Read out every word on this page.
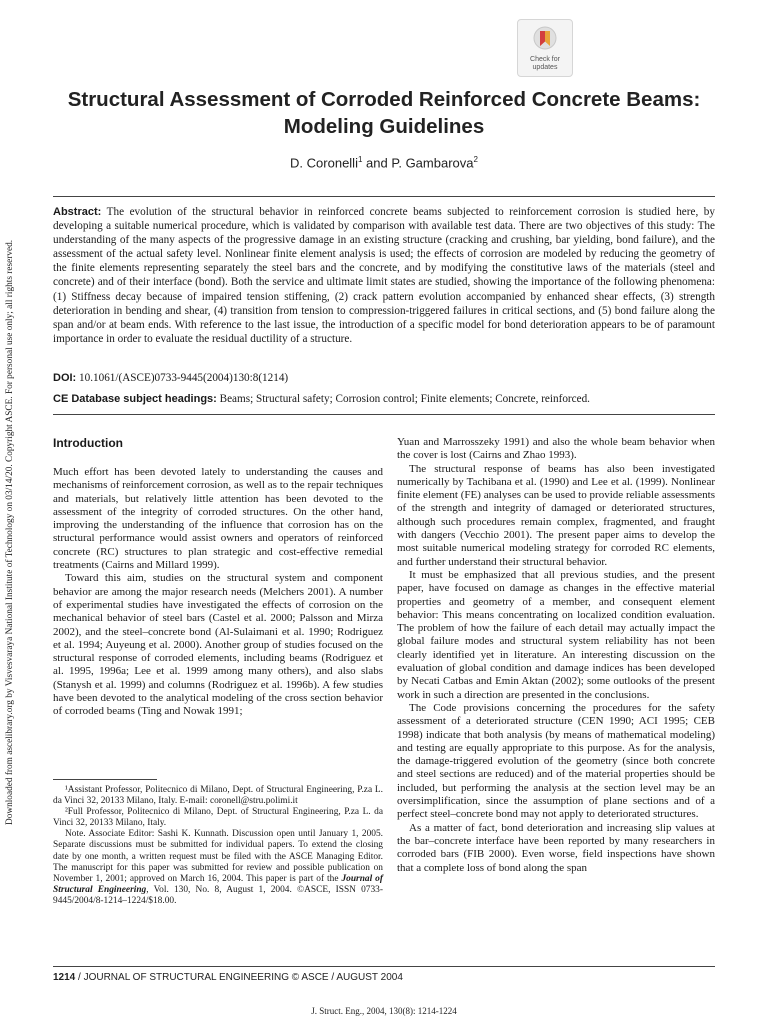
Downloaded from ascelibrary.org by Visvesvaraya National Institute of Technology on 03/14/20. Copyright ASCE. For personal use only; all rights reserved.
Check for
updates
Structural Assessment of Corroded Reinforced Concrete Beams: Modeling Guidelines
D. Coronelli$^1$ and P. Gambarova$^2$

Abstract: The evolution of the structural behavior in reinforced concrete beams subjected to reinforcement corrosion is studied here, by developing a suitable numerical procedure, which is validated by comparison with available test data. There are two objectives of this study: The understanding of the many aspects of the progressive damage in an existing structure (cracking and crushing, bar yielding, bond failure), and the assessment of the actual safety level. Nonlinear finite element analysis is used; the effects of corrosion are modeled by reducing the geometry of the finite elements representing separately the steel bars and the concrete, and by modifying the constitutive laws of the materials (steel and concrete) and of their interface (bond). Both the service and ultimate limit states are studied, showing the importance of the following phenomena: (1) Stiffness decay because of impaired tension stiffening, (2) crack pattern evolution accompanied by enhanced shear effects, (3) strength deterioration in bending and shear, (4) transition from tension to compression-triggered failures in critical sections, and (5) bond failure along the span and/or at beam ends. With reference to the last issue, the introduction of a specific model for bond deterioration appears to be of paramount importance in order to evaluate the residual ductility of a structure.

DOI: 10.1061/(ASCE)0733-9445(2004)130:8(1214)

CE Database subject headings: Beams; Structural safety; Corrosion control; Finite elements; Concrete, reinforced.

Introduction

Much effort has been devoted lately to understanding the causes and mechanisms of reinforcement corrosion, as well as to the repair techniques and materials, but relatively little attention has been devoted to the assessment of the integrity of corroded structures. On the other hand, improving the understanding of the influence that corrosion has on the structural performance would assist owners and operators of reinforced concrete (RC) structures to plan strategic and cost-effective remedial treatments (Cairns and Millard 1999).

Toward this aim, studies on the structural system and component behavior are among the major research needs (Melchers 2001). A number of experimental studies have investigated the effects of corrosion on the mechanical behavior of steel bars (Castel et al. 2000; Palsson and Mirza 2002), and the steel–concrete bond (Al-Sulaimani et al. 1990; Rodriguez et al. 1994; Auyeung et al. 2000). Another group of studies focused on the structural response of corroded elements, including beams (Rodriguez et al. 1995, 1996a; Lee et al. 1999 among many others), and also slabs (Stanysh et al. 1999) and columns (Rodriguez et al. 1996b). A few studies have been devoted to the analytical modeling of the cross section behavior of corroded beams (Ting and Nowak 1991;

¹Assistant Professor, Politecnico di Milano, Dept. of Structural Engineering, P.za L. da Vinci 32, 20133 Milano, Italy. E-mail: coronell@stru.polimi.it

²Full Professor, Politecnico di Milano, Dept. of Structural Engineering, P.za L. da Vinci 32, 20133 Milano, Italy.

Note. Associate Editor: Sashi K. Kunnath. Discussion open until January 1, 2005. Separate discussions must be submitted for individual papers. To extend the closing date by one month, a written request must be filed with the ASCE Managing Editor. The manuscript for this paper was submitted for review and possible publication on November 1, 2001; approved on March 16, 2004. This paper is part of the Journal of Structural Engineering, Vol. 130, No. 8, August 1, 2004. ©ASCE, ISSN 0733-9445/2004/8-1214–1224/$18.00.

Yuan and Marrosszeky 1991) and also the whole beam behavior when the cover is lost (Cairns and Zhao 1993).

The structural response of beams has also been investigated numerically by Tachibana et al. (1990) and Lee et al. (1999). Nonlinear finite element (FE) analyses can be used to provide reliable assessments of the strength and integrity of damaged or deteriorated structures, although such procedures remain complex, fragmented, and fraught with dangers (Vecchio 2001). The present paper aims to develop the most suitable numerical modeling strategy for corroded RC elements, and further understand their structural behavior.

It must be emphasized that all previous studies, and the present paper, have focused on damage as changes in the effective material properties and geometry of a member, and consequent element behavior: This means concentrating on localized condition evaluation. The problem of how the failure of each detail may actually impact the global failure modes and structural system reliability has not been clearly identified yet in literature. An interesting discussion on the evaluation of global condition and damage indices has been developed by Necati Catbas and Emin Aktan (2002); some outlooks of the present work in such a direction are presented in the conclusions.

The Code provisions concerning the procedures for the safety assessment of a deteriorated structure (CEN 1990; ACI 1995; CEB 1998) indicate that both analysis (by means of mathematical modeling) and testing are equally appropriate to this purpose. As for the analysis, the damage-triggered evolution of the geometry (since both concrete and steel sections are reduced) and of the material properties should be included, but performing the analysis at the section level may be an oversimplification, since the assumption of plane sections and of a perfect steel–concrete bond may not apply to deteriorated structures.

As a matter of fact, bond deterioration and increasing slip values at the bar–concrete interface have been reported by many researchers in corroded bars (FIB 2000). Even worse, field inspections have shown that a complete loss of bond along the span

1214 / JOURNAL OF STRUCTURAL ENGINEERING © ASCE / AUGUST 2004
J. Struct. Eng., 2004, 130(8): 1214-1224
